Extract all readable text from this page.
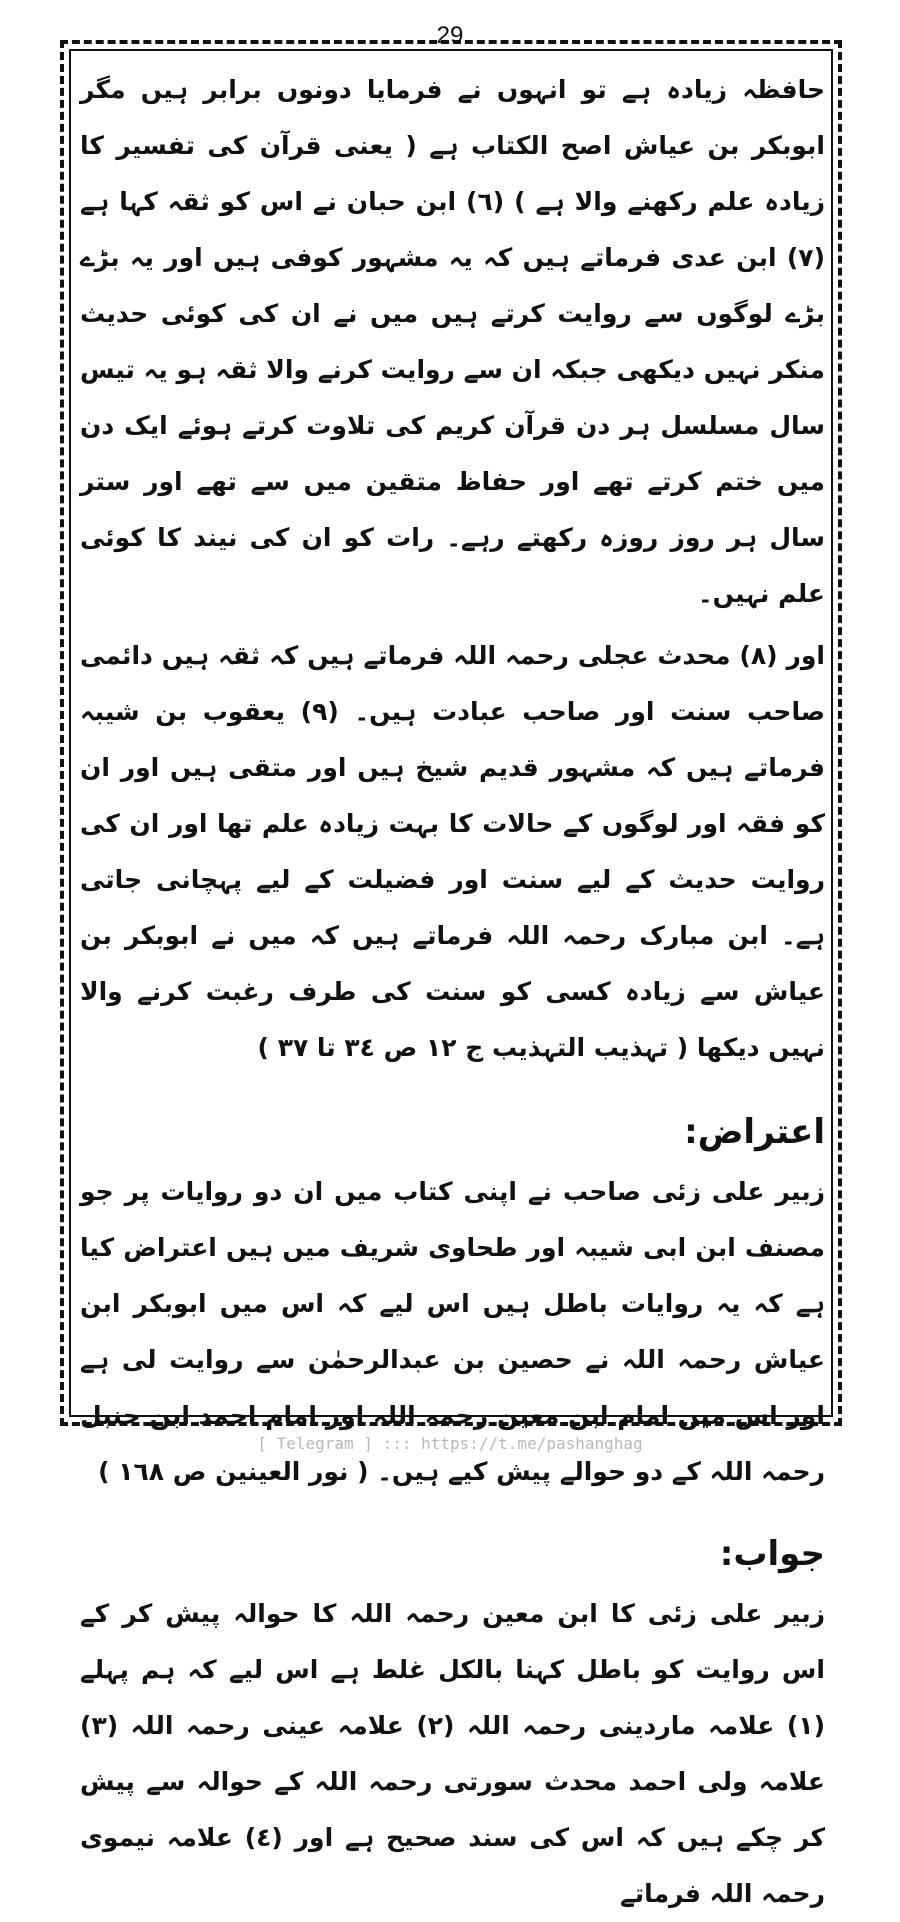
29

حافظہ زیادہ ہے تو انہوں نے فرمایا دونوں برابر ہیں مگر ابوبکر بن عیاش اصح الکتاب ہے ( یعنی قرآن کی تفسیر کا زیادہ علم رکھنے والا ہے ) (٦) ابن حبان نے اس کو ثقہ کہا ہے (٧) ابن عدی فرماتے ہیں کہ یہ مشہور کوفی ہیں اور یہ بڑے بڑے لوگوں سے روایت کرتے ہیں میں نے ان کی کوئی حدیث منکر نہیں دیکھی جبکہ ان سے روایت کرنے والا ثقہ ہو یہ تیس سال مسلسل ہر دن قرآن کریم کی تلاوت کرتے ہوئے ایک دن میں ختم کرتے تھے اور حفاظ متقین میں سے تھے اور ستر سال ہر روز روزہ رکھتے رہے۔ رات کو ان کی نیند کا کوئی علم نہیں۔

اور (٨) محدث عجلی رحمہ اللہ فرماتے ہیں کہ ثقہ ہیں دائمی صاحب سنت اور صاحب عبادت ہیں۔ (٩) یعقوب بن شیبہ فرماتے ہیں کہ مشہور قدیم شیخ ہیں اور متقی ہیں اور ان کو فقہ اور لوگوں کے حالات کا بہت زیادہ علم تھا اور ان کی روایت حدیث کے لیے سنت اور فضیلت کے لیے پہچانی جاتی ہے۔ ابن مبارک رحمہ اللہ فرماتے ہیں کہ میں نے ابوبکر بن عیاش سے زیادہ کسی کو سنت کی طرف رغبت کرنے والا نہیں دیکھا ( تہذیب التہذیب ج ١٢ ص ٣٤ تا ٣٧ )

اعتراض:

زبیر علی زئی صاحب نے اپنی کتاب میں ان دو روایات پر جو مصنف ابن ابی شیبہ اور طحاوی شریف میں ہیں اعتراض کیا ہے کہ یہ روایات باطل ہیں اس لیے کہ اس میں ابوبکر ابن عیاش رحمہ اللہ نے حصین بن عبدالرحمٰن سے روایت لی ہے اور اس میں امام ابن معین رحمہ اللہ اور امام احمد ابن حنبل رحمہ اللہ کے دو حوالے پیش کیے ہیں۔ ( نور العینین ص ١٦٨ )

جواب:

زبیر علی زئی کا ابن معین رحمہ اللہ کا حوالہ پیش کر کے اس روایت کو باطل کہنا بالکل غلط ہے اس لیے کہ ہم پہلے (١) علامہ ماردینی رحمہ اللہ (٢) علامہ عینی رحمہ اللہ (٣) علامہ ولی احمد محدث سورتی رحمہ اللہ کے حوالہ سے پیش کر چکے ہیں کہ اس کی سند صحیح ہے اور (٤) علامہ نیموی رحمہ اللہ فرماتے

[ Telegram ] ::: https://t.me/pashanghag
